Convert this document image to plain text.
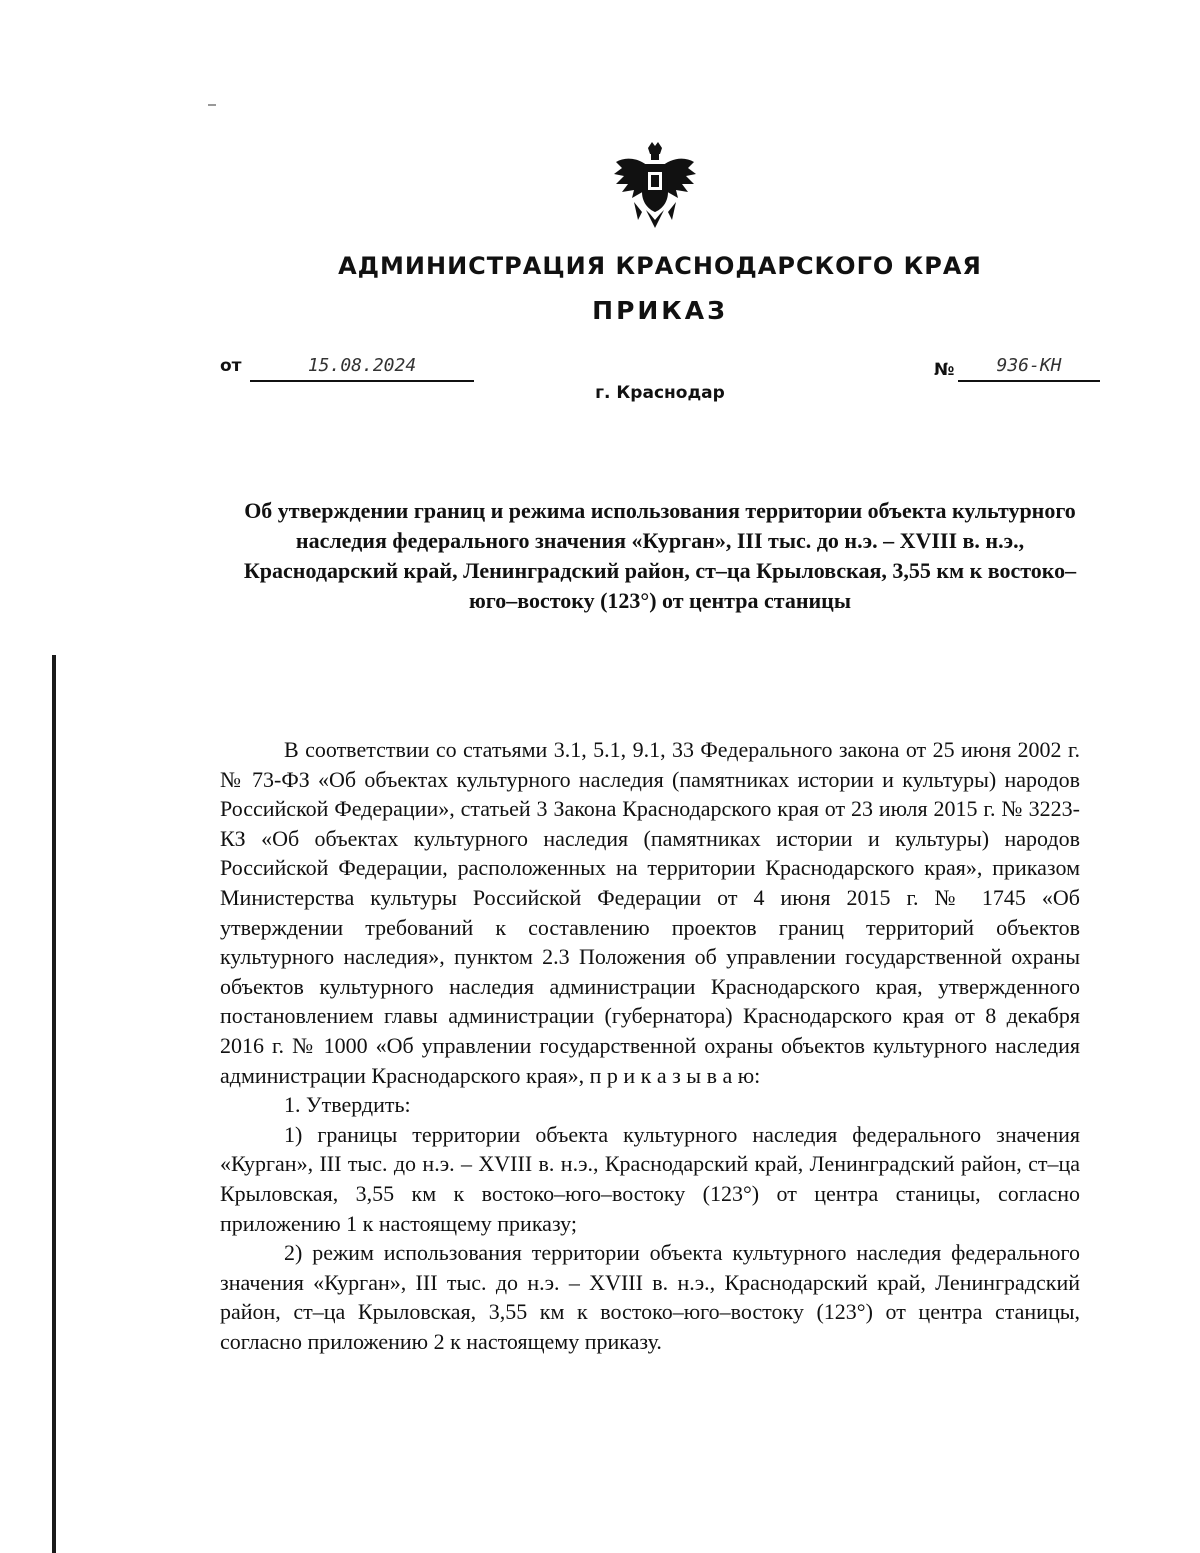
АДМИНИСТРАЦИЯ КРАСНОДАРСКОГО КРАЯ
ПРИКАЗ
от	15.08.2024	№	936-КН
г. Краснодар
Об утверждении границ и режима использования территории объекта культурного наследия федерального значения «Курган», III тыс. до н.э. – XVIII в. н.э., Краснодарский край, Ленинградский район, ст–ца Крыловская, 3,55 км к востоко–юго–востоку (123°) от центра станицы

В соответствии со статьями 3.1, 5.1, 9.1, 33 Федерального закона от 25 июня 2002 г. № 73-ФЗ «Об объектах культурного наследия (памятниках истории и культуры) народов Российской Федерации», статьей 3 Закона Краснодарского края от 23 июля 2015 г. № 3223-КЗ «Об объектах культурного наследия (памятниках истории и культуры) народов Российской Федерации, расположенных на территории Краснодарского края», приказом Министерства культуры Российской Федерации от 4 июня 2015 г. № 1745 «Об утверждении требований к составлению проектов границ территорий объектов культурного наследия», пунктом 2.3 Положения об управлении государственной охраны объектов культурного наследия администрации Краснодарского края, утвержденного постановлением главы администрации (губернатора) Краснодарского края от 8 декабря 2016 г. № 1000 «Об управлении государственной охраны объектов культурного наследия администрации Краснодарского края», п р и к а з ы в а ю:

1. Утвердить:

1) границы территории объекта культурного наследия федерального значения «Курган», III тыс. до н.э. – XVIII в. н.э., Краснодарский край, Ленинградский район, ст–ца Крыловская, 3,55 км к востоко–юго–востоку (123°) от центра станицы, согласно приложению 1 к настоящему приказу;

2) режим использования территории объекта культурного наследия федерального значения «Курган», III тыс. до н.э. – XVIII в. н.э., Краснодарский край, Ленинградский район, ст–ца Крыловская, 3,55 км к востоко–юго–востоку (123°) от центра станицы, согласно приложению 2 к настоящему приказу.
